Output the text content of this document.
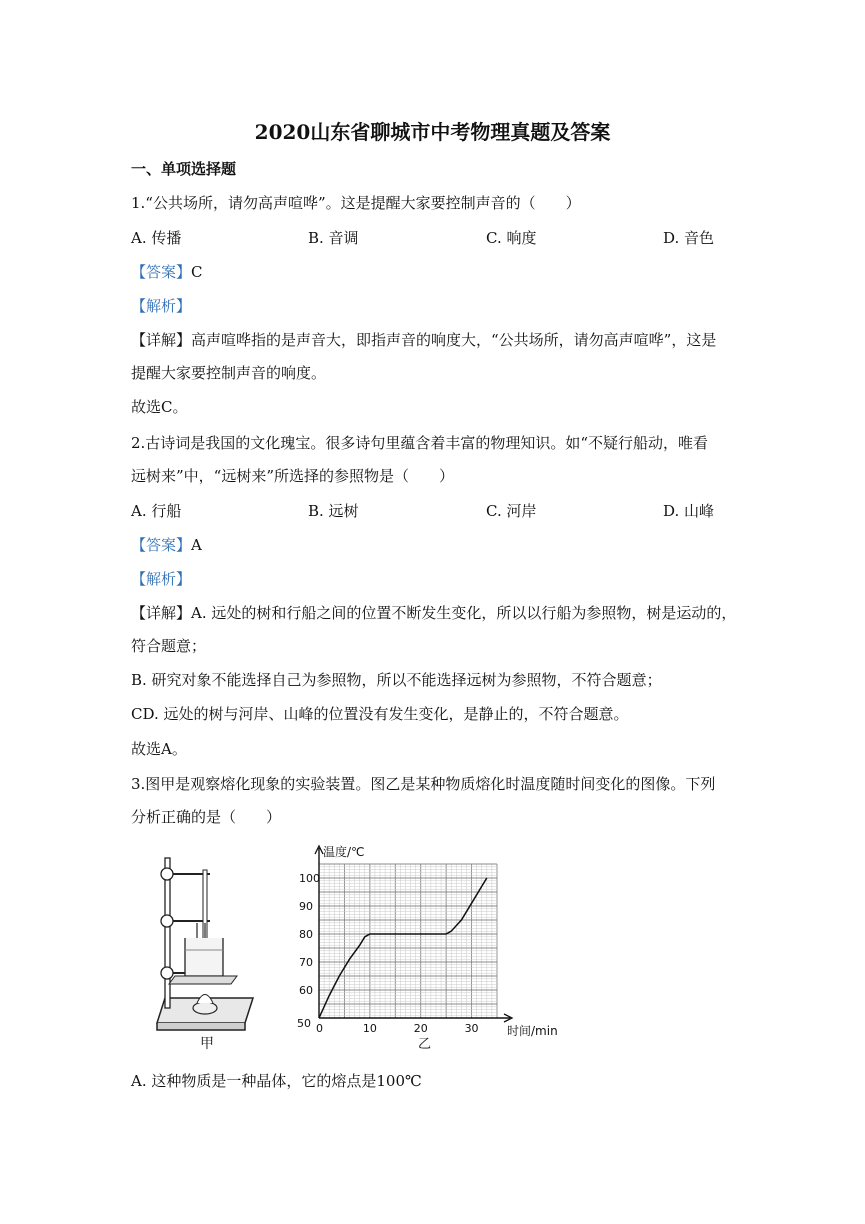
2020山东省聊城市中考物理真题及答案
一、单项选择题
1.“公共场所，请勿高声喧哗”。这是提醒大家要控制声音的（　　）
A. 传播	B. 音调	C. 响度	D. 音色
【答案】C
【解析】
【详解】高声喧哗指的是声音大，即指声音的响度大，“公共场所，请勿高声喧哗”，这是
提醒大家要控制声音的响度。
故选C。
2.古诗词是我国的文化瑰宝。很多诗句里蕴含着丰富的物理知识。如“不疑行船动，唯看
远树来”中，“远树来”所选择的参照物是（　　）
A. 行船	B. 远树	C. 河岸	D. 山峰
【答案】A
【解析】
【详解】A. 远处的树和行船之间的位置不断发生变化，所以以行船为参照物，树是运动的，
符合题意；
B. 研究对象不能选择自己为参照物，所以不能选择远树为参照物，不符合题意；
CD. 远处的树与河岸、山峰的位置没有发生变化，是静止的，不符合题意。
故选A。
3.图甲是观察熔化现象的实验装置。图乙是某种物质熔化时温度随时间变化的图像。下列
分析正确的是（　　）
甲
50
60
70
80
90
100
0	10	20	30
温度/℃
时间/min
乙
A. 这种物质是一种晶体，它的熔点是100℃
